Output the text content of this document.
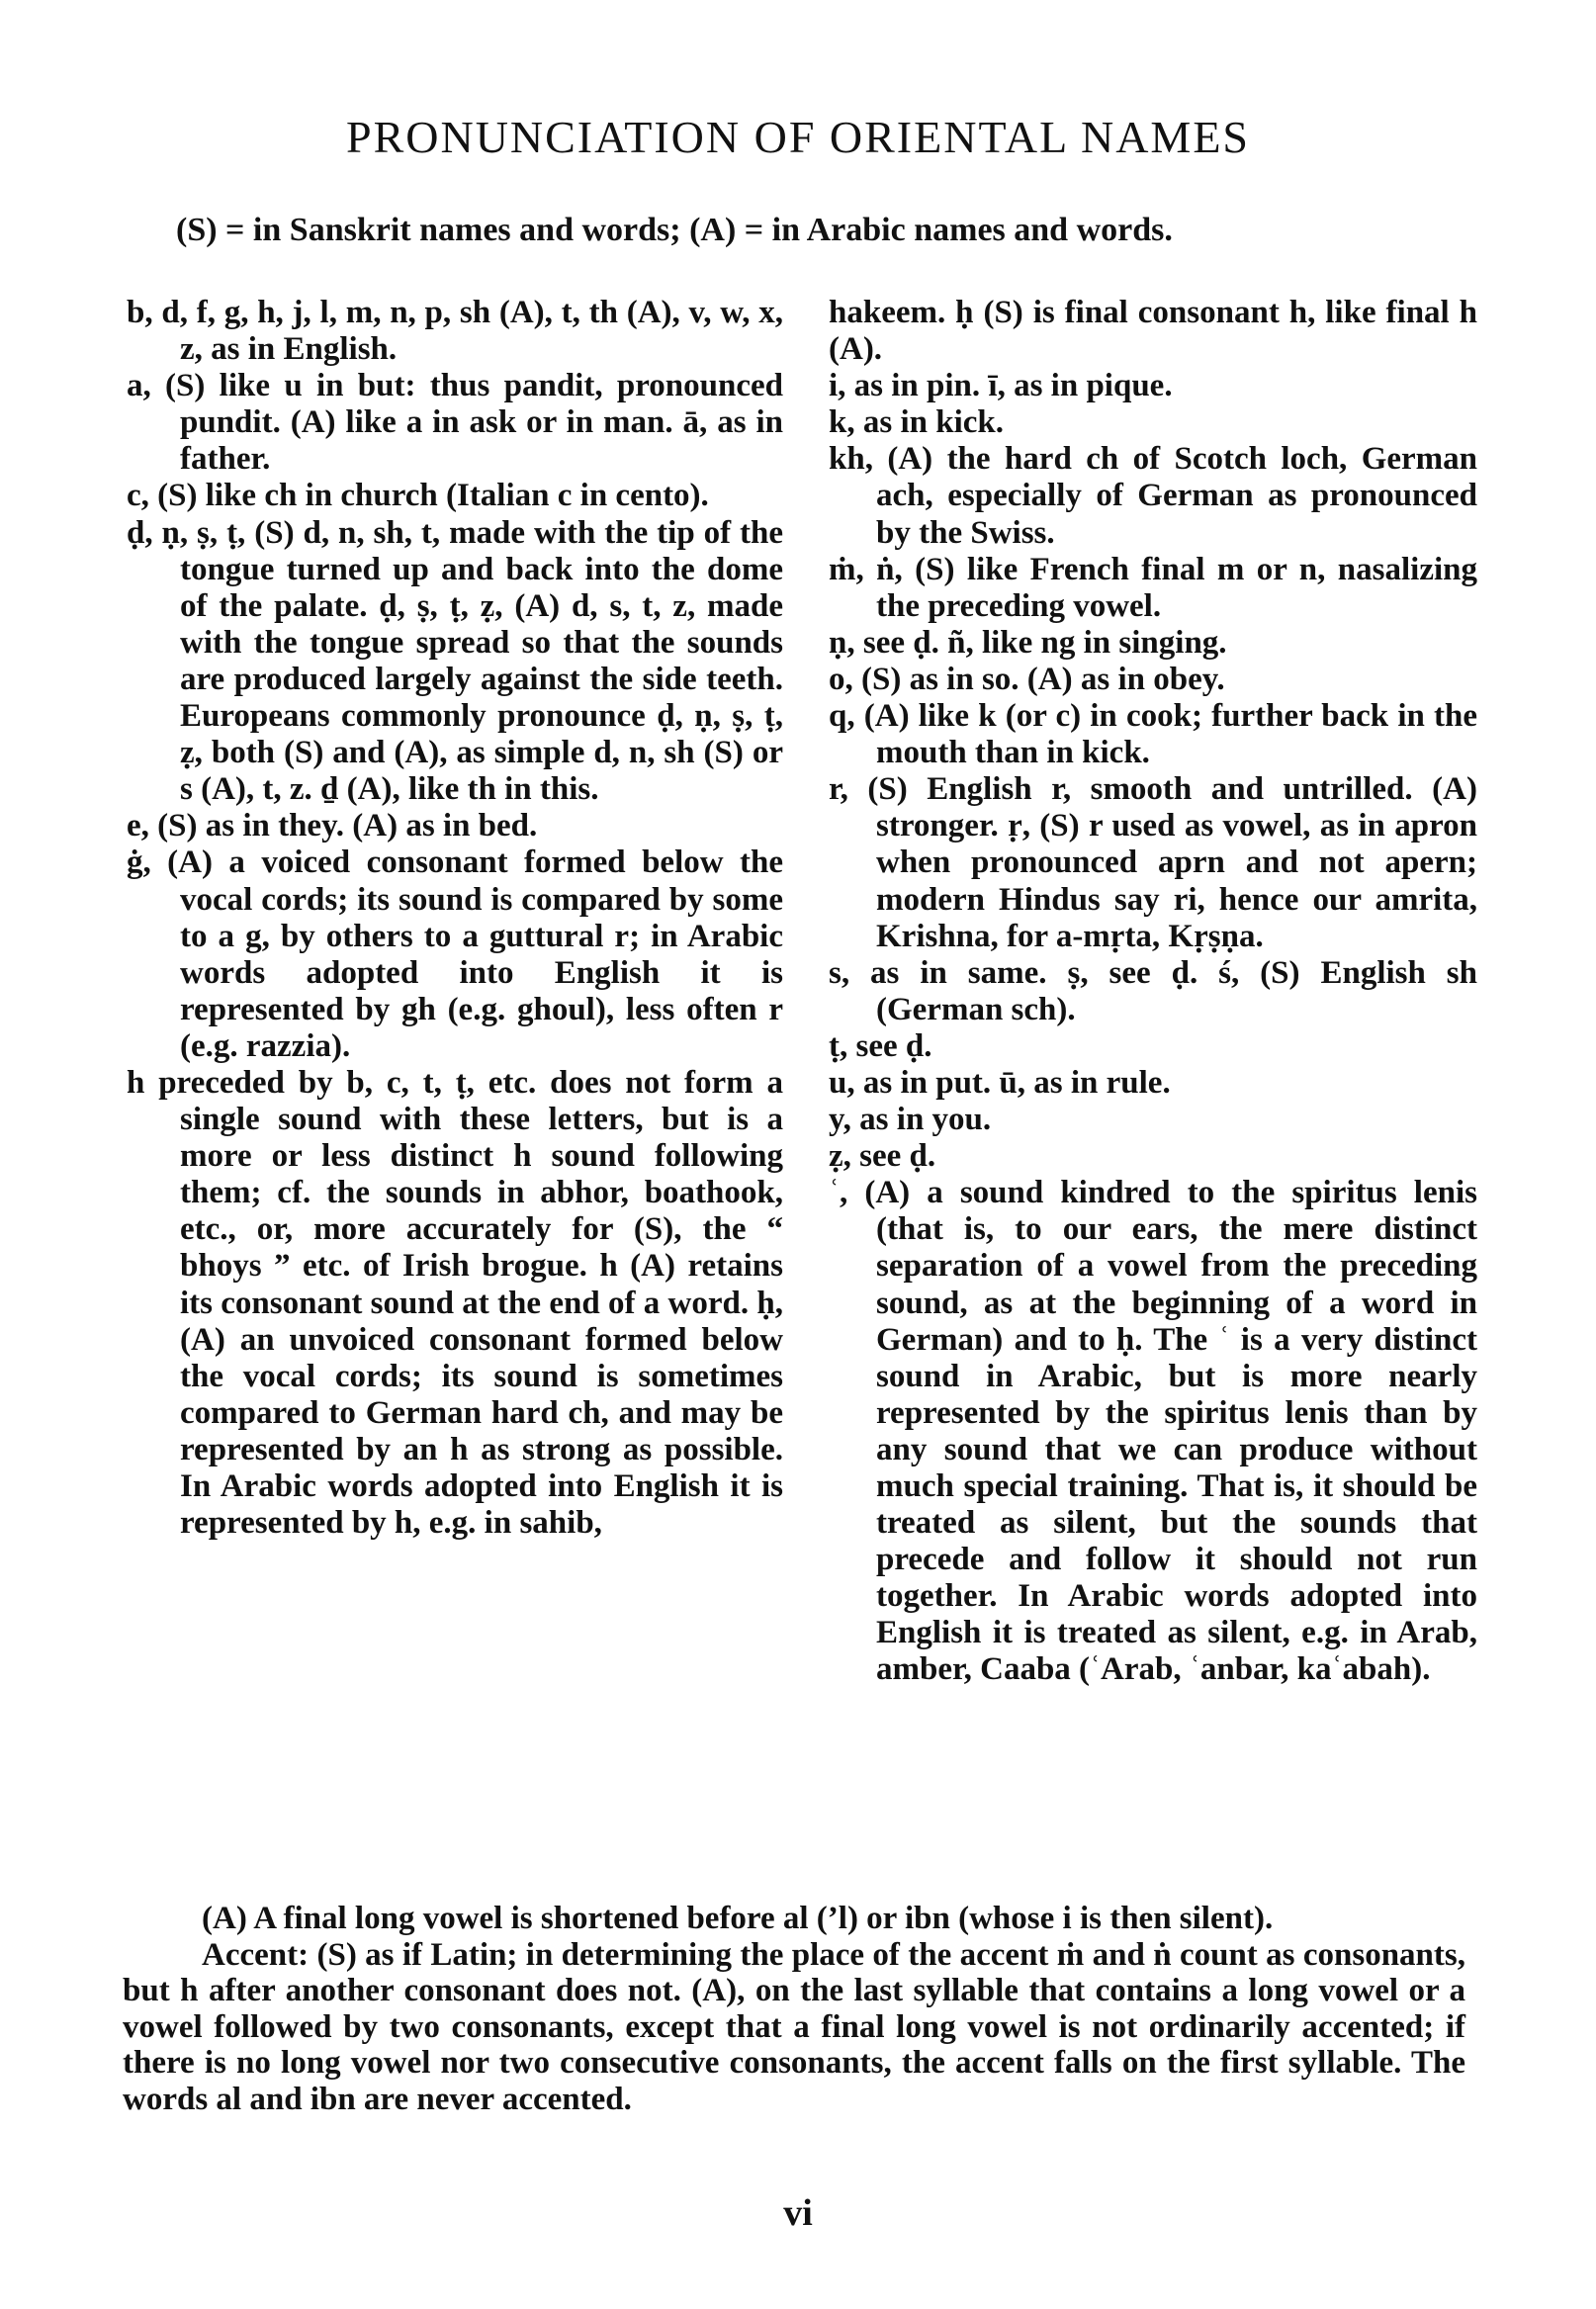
PRONUNCIATION OF ORIENTAL NAMES
(S) = in Sanskrit names and words; (A) = in Arabic names and words.

b, d, f, g, h, j, l, m, n, p, sh (A), t, th (A), v, w, x, z, as in English.

a, (S) like u in but: thus pandit, pronounced pundit. (A) like a in ask or in man. ā, as in father.

c, (S) like ch in church (Italian c in cento).

ḍ, ṇ, ṣ, ṭ, (S) d, n, sh, t, made with the tip of the tongue turned up and back into the dome of the palate. ḍ, ṣ, ṭ, ẓ, (A) d, s, t, z, made with the tongue spread so that the sounds are produced largely against the side teeth. Europeans commonly pronounce ḍ, ṇ, ṣ, ṭ, ẓ, both (S) and (A), as simple d, n, sh (S) or s (A), t, z. ḏ (A), like th in this.

e, (S) as in they. (A) as in bed.

ġ, (A) a voiced consonant formed below the vocal cords; its sound is compared by some to a g, by others to a guttural r; in Arabic words adopted into English it is represented by gh (e.g. ghoul), less often r (e.g. razzia).

h preceded by b, c, t, ṭ, etc. does not form a single sound with these letters, but is a more or less distinct h sound following them; cf. the sounds in abhor, boathook, etc., or, more accurately for (S), the “ bhoys ” etc. of Irish brogue. h (A) retains its consonant sound at the end of a word. ḥ, (A) an unvoiced consonant formed below the vocal cords; its sound is sometimes compared to German hard ch, and may be represented by an h as strong as possible. In Arabic words adopted into English it is represented by h, e.g. in sahib,

hakeem. ḥ (S) is final consonant h, like final h (A).

i, as in pin. ī, as in pique.

k, as in kick.

kh, (A) the hard ch of Scotch loch, German ach, especially of German as pronounced by the Swiss.

ṁ, ṅ, (S) like French final m or n, nasalizing the preceding vowel.

ṇ, see ḍ. ñ, like ng in singing.

o, (S) as in so. (A) as in obey.

q, (A) like k (or c) in cook; further back in the mouth than in kick.

r, (S) English r, smooth and untrilled. (A) stronger. ṛ, (S) r used as vowel, as in apron when pronounced aprn and not apern; modern Hindus say ri, hence our amrita, Krishna, for a-mṛta, Kṛṣṇa.

s, as in same. ṣ, see ḍ. ś, (S) English sh (German sch).

ṭ, see ḍ.

u, as in put. ū, as in rule.

y, as in you.

ẓ, see ḍ.

ʿ, (A) a sound kindred to the spiritus lenis (that is, to our ears, the mere distinct separation of a vowel from the preceding sound, as at the beginning of a word in German) and to ḥ. The ʿ is a very distinct sound in Arabic, but is more nearly represented by the spiritus lenis than by any sound that we can produce without much special training. That is, it should be treated as silent, but the sounds that precede and follow it should not run together. In Arabic words adopted into English it is treated as silent, e.g. in Arab, amber, Caaba (ʿArab, ʿanbar, kaʿabah).

(A) A final long vowel is shortened before al (’l) or ibn (whose i is then silent).

Accent: (S) as if Latin; in determining the place of the accent ṁ and ṅ count as consonants, but h after another consonant does not. (A), on the last syllable that contains a long vowel or a vowel followed by two consonants, except that a final long vowel is not ordinarily accented; if there is no long vowel nor two consecutive consonants, the accent falls on the first syllable. The words al and ibn are never accented.

vi
